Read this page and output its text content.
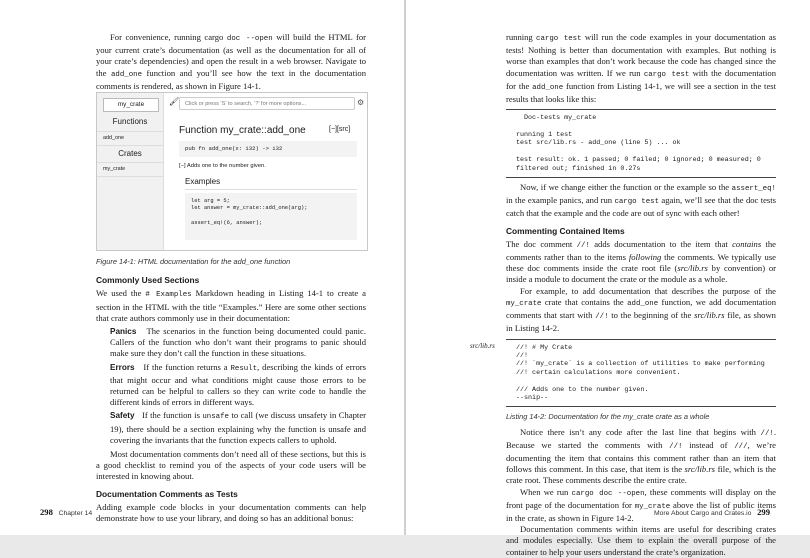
For convenience, running cargo doc --open will build the HTML for your current crate’s documentation (as well as the documentation for all of your crate’s dependencies) and open the result in a web browser. Navigate to the add_one function and you’ll see how the text in the documentation comments is rendered, as shown in Figure 14-1.

my_crate
Functions
add_one
Crates
my_crate
🖌	Click or press ‘S’ to search, ‘?’ for more options...	⚙
Function my_crate::add_one	[−][src]
pub fn add_one(x: i32) -> i32
[−] Adds one to the number given.
Examples
let arg = 5;
let answer = my_crate::add_one(arg);

assert_eq!(6, answer);
Figure 14-1: HTML documentation for the add_one function
Commonly Used Sections

We used the # Examples Markdown heading in Listing 14-1 to create a section in the HTML with the title “Examples.” Here are some other sections that crate authors commonly use in their documentation:

Panics The scenarios in the function being documented could panic. Callers of the function who don’t want their programs to panic should make sure they don’t call the function in these situations.

Errors If the function returns a Result, describing the kinds of errors that might occur and what conditions might cause those errors to be returned can be helpful to callers so they can write code to handle the different kinds of errors in different ways.

Safety If the function is unsafe to call (we discuss unsafety in Chapter 19), there should be a section explaining why the function is unsafe and covering the invariants that the function expects callers to uphold.

Most documentation comments don’t need all of these sections, but this is a good checklist to remind you of the aspects of your code users will be interested in knowing about.

Documentation Comments as Tests

Adding example code blocks in your documentation comments can help demonstrate how to use your library, and doing so has an additional bonus:

298 Chapter 14

running cargo test will run the code examples in your documentation as tests! Nothing is better than documentation with examples. But nothing is worse than examples that don’t work because the code has changed since the documentation was written. If we run cargo test with the documentation for the add_one function from Listing 14-1, we will see a section in the test results that looks like this:

Doc-tests my_crate

running 1 test
test src/lib.rs - add_one (line 5) ... ok

test result: ok. 1 passed; 0 failed; 0 ignored; 0 measured; 0
filtered out; finished in 0.27s

Now, if we change either the function or the example so the assert_eq! in the example panics, and run cargo test again, we’ll see that the doc tests catch that the example and the code are out of sync with each other!

Commenting Contained Items

The doc comment //! adds documentation to the item that contains the comments rather than to the items following the comments. We typically use these doc comments inside the crate root file (src/lib.rs by convention) or inside a module to document the crate or the module as a whole.

For example, to add documentation that describes the purpose of the my_crate crate that contains the add_one function, we add documentation comments that start with //! to the beginning of the src/lib.rs file, as shown in Listing 14-2.

src/lib.rs	//! # My Crate
//!
//! `my_crate` is a collection of utilities to make performing
//! certain calculations more convenient.

/// Adds one to the number given.
--snip--
Listing 14-2: Documentation for the my_crate crate as a whole

Notice there isn’t any code after the last line that begins with //!. Because we started the comments with //! instead of ///, we’re documenting the item that contains this comment rather than an item that follows this comment. In this case, that item is the src/lib.rs file, which is the crate root. These comments describe the entire crate.

When we run cargo doc --open, these comments will display on the front page of the documentation for my_crate above the list of public items in the crate, as shown in Figure 14-2.

Documentation comments within items are useful for describing crates and modules especially. Use them to explain the overall purpose of the container to help your users understand the crate’s organization.

More About Cargo and Crates.io 299
